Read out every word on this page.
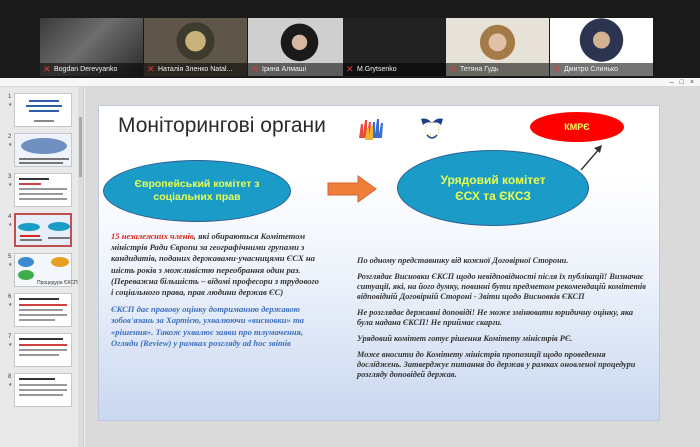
✕ Bogdan Derevyanko	✕ Наталія Зленко Natal... ✕ Ірина Алмаші	✕ M.Grytsenko	✕ Тетяна Гудь	✕ Дмитро Слинько
– □ ×
1
★
2
★
3
★
4
★
5
★
Процедура ЄКСП
6
★
7
★
8
★
Моніторингові органи
	КМРЄ
Європейський комітет з соціальних прав
Урядовий комітет ЄСХ та ЄКСЗ
15 незалежних членів, які обираються Комітетом міністрів Ради Європи за географічними групами з кандидатів, поданих державами-учасницями ЄСХ на шість років з можливістю переобрання один раз. (Переважна більшість – відомі професори з трудового і соціального права, прав людини держав ЄС)
ЄКСП дає правову оцінку дотриманню державою зобов'язань за Хартією, ухвалюючи «висновки» та «рішення». Також ухвалює заяви про тлумачення, Огляди (Review) у рамках розгляду ad hoc звітів

По одному представнику від кожної Договірної Сторони.

Розглядає Висновки ЄКСП щодо невідповідності після їх публікації! Визначає ситуації, які, на його думку, повинні бути предметом рекомендацій комітетів відповідній Договірній Стороні - Звіти щодо Висновків ЄКСП

Не розглядає державні доповіді! Не може змінювати юридичну оцінку, яка була надана ЄКСП! Не приймає скарги.

Урядовий комітет готує рішення Комітету міністрів РЄ.

Може вносити до Комітету міністрів пропозиції щодо проведення досліджень. Затверджує питання до держав у рамках оновленої процедури розгляду доповідей держав.
